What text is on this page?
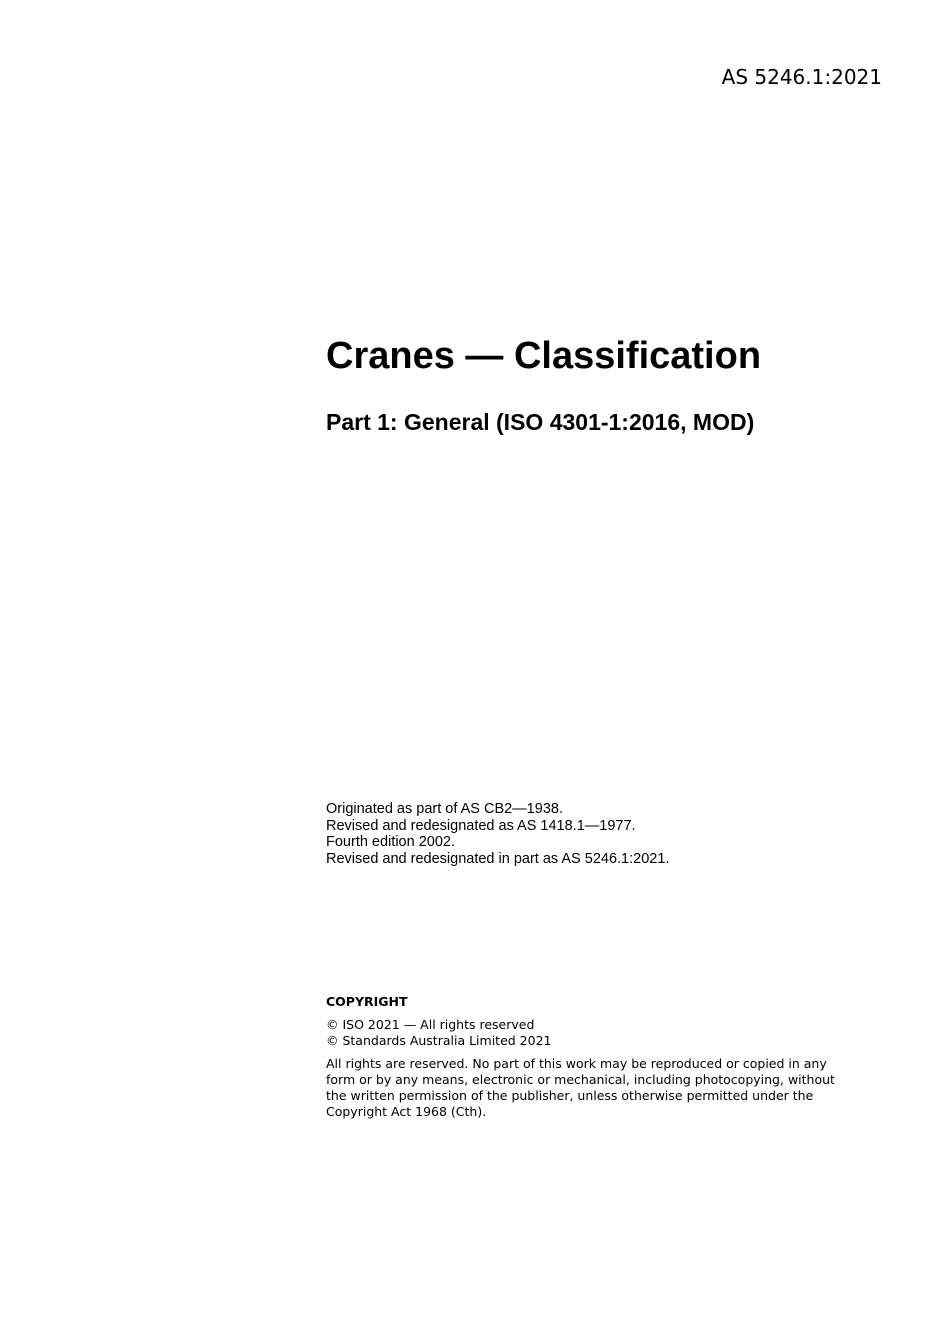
AS 5246.1:2021
Cranes — Classification
Part 1: General (ISO 4301-1:2016, MOD)
Originated as part of AS CB2—1938.
Revised and redesignated as AS 1418.1—1977.
Fourth edition 2002.
Revised and redesignated in part as AS 5246.1:2021.
COPYRIGHT
© ISO 2021 — All rights reserved
© Standards Australia Limited 2021
All rights are reserved. No part of this work may be reproduced or copied in any form or by any means, electronic or mechanical, including photocopying, without the written permission of the publisher, unless otherwise permitted under the Copyright Act 1968 (Cth).
